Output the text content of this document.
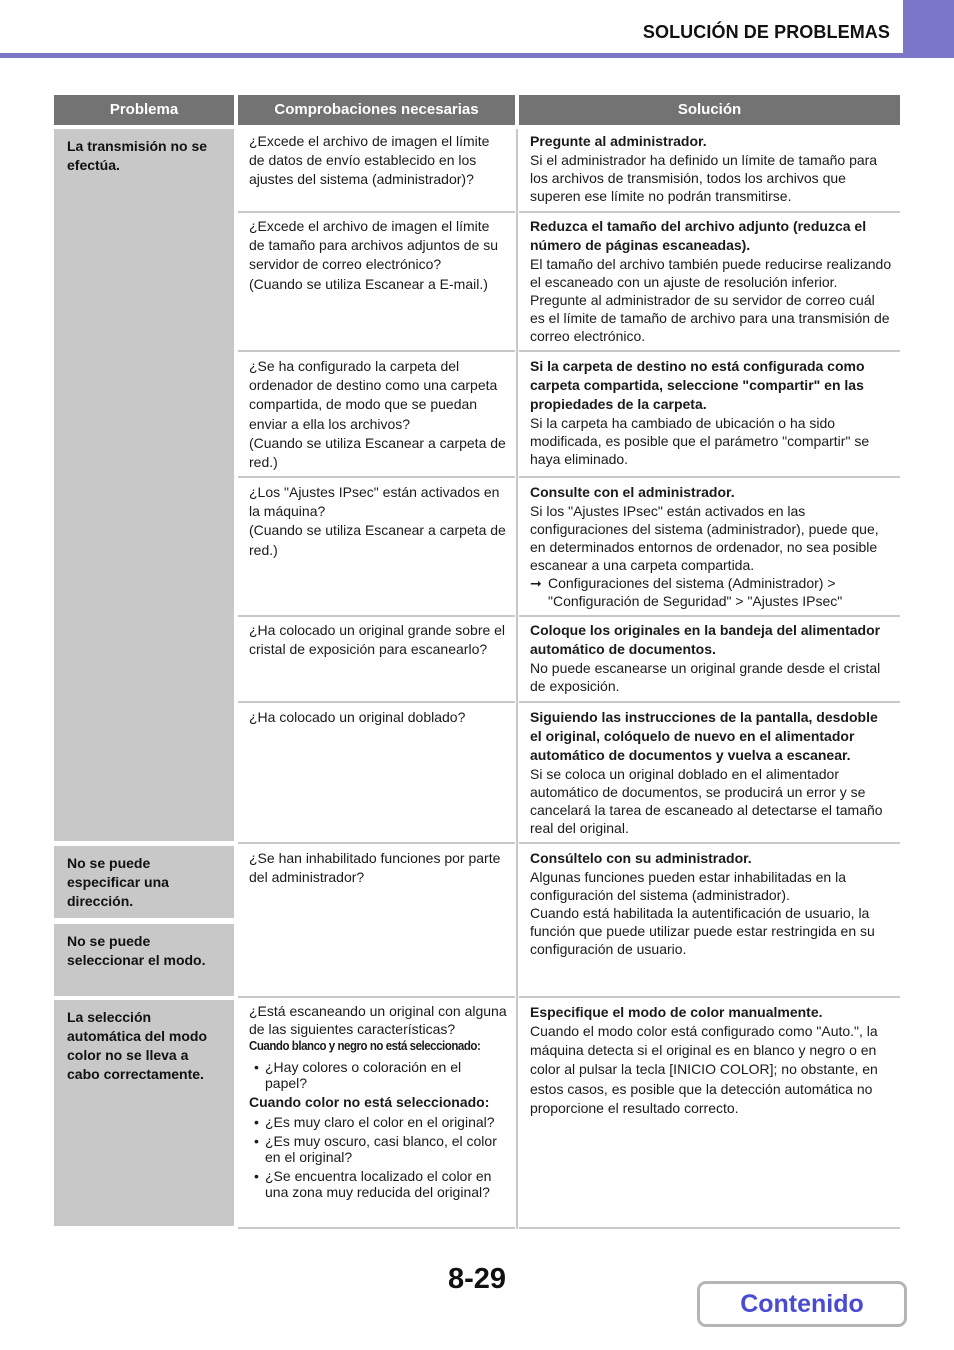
SOLUCIÓN DE PROBLEMAS
Problema	Comprobaciones necesarias	Solución
La transmisión no se efectúa.
No se puede especificar una dirección.
No se puede seleccionar el modo.
La selección automática del modo color no se lleva a cabo correctamente.
¿Excede el archivo de imagen el límite de datos de envío establecido en los ajustes del sistema (administrador)?
¿Excede el archivo de imagen el límite de tamaño para archivos adjuntos de su servidor de correo electrónico?
(Cuando se utiliza Escanear a E-mail.)
¿Se ha configurado la carpeta del ordenador de destino como una carpeta compartida, de modo que se puedan enviar a ella los archivos?
(Cuando se utiliza Escanear a carpeta de red.)
¿Los "Ajustes IPsec" están activados en la máquina?
(Cuando se utiliza Escanear a carpeta de red.)
¿Ha colocado un original grande sobre el cristal de exposición para escanearlo?
¿Ha colocado un original doblado?
¿Se han inhabilitado funciones por parte del administrador?
¿Está escaneando un original con alguna de las siguientes características?
Cuando blanco y negro no está seleccionado:
• ¿Hay colores o coloración en el papel?
Cuando color no está seleccionado:
• ¿Es muy claro el color en el original?
• ¿Es muy oscuro, casi blanco, el color en el original?
• ¿Se encuentra localizado el color en una zona muy reducida del original?
Pregunte al administrador.
Si el administrador ha definido un límite de tamaño para los archivos de transmisión, todos los archivos que superen ese límite no podrán transmitirse.
Reduzca el tamaño del archivo adjunto (reduzca el número de páginas escaneadas).
El tamaño del archivo también puede reducirse realizando el escaneado con un ajuste de resolución inferior. Pregunte al administrador de su servidor de correo cuál es el límite de tamaño de archivo para una transmisión de correo electrónico.
Si la carpeta de destino no está configurada como carpeta compartida, seleccione "compartir" en las propiedades de la carpeta.
Si la carpeta ha cambiado de ubicación o ha sido modificada, es posible que el parámetro "compartir" se haya eliminado.
Consulte con el administrador.
Si los "Ajustes IPsec" están activados en las configuraciones del sistema (administrador), puede que, en determinados entornos de ordenador, no sea posible escanear a una carpeta compartida.
➞ Configuraciones del sistema (Administrador) > "Configuración de Seguridad" > "Ajustes IPsec"
Coloque los originales en la bandeja del alimentador automático de documentos.
No puede escanearse un original grande desde el cristal de exposición.
Siguiendo las instrucciones de la pantalla, desdoble el original, colóquelo de nuevo en el alimentador automático de documentos y vuelva a escanear.
Si se coloca un original doblado en el alimentador automático de documentos, se producirá un error y se cancelará la tarea de escaneado al detectarse el tamaño real del original.
Consúltelo con su administrador.
Algunas funciones pueden estar inhabilitadas en la configuración del sistema (administrador).
Cuando está habilitada la autentificación de usuario, la función que puede utilizar puede estar restringida en su configuración de usuario.
Especifique el modo de color manualmente.
Cuando el modo color está configurado como "Auto.", la máquina detecta si el original es en blanco y negro o en color al pulsar la tecla [INICIO COLOR]; no obstante, en estos casos, es posible que la detección automática no proporcione el resultado correcto.
8-29
Contenido
